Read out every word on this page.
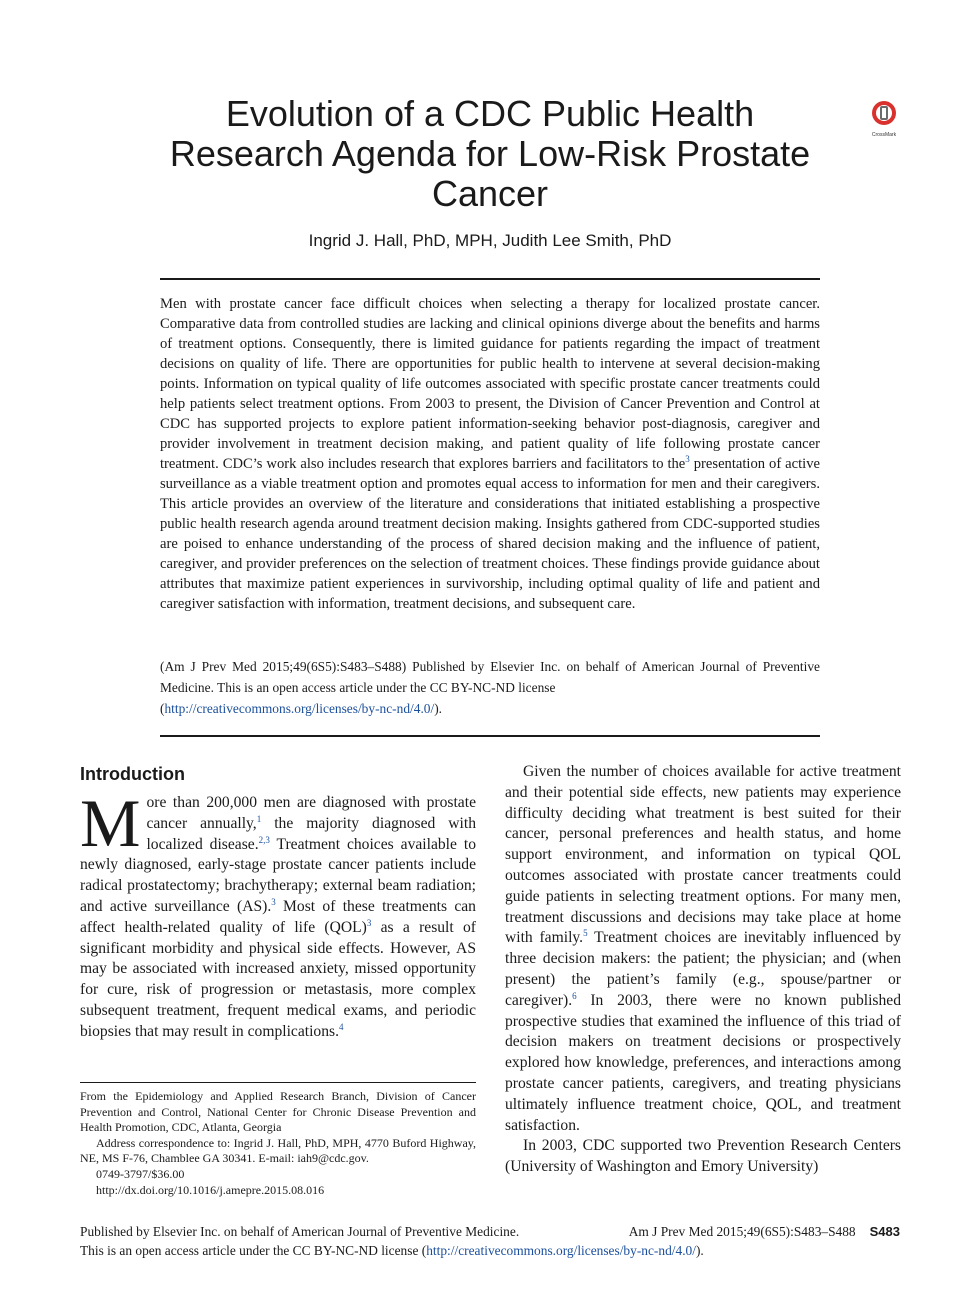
Evolution of a CDC Public Health Research Agenda for Low-Risk Prostate Cancer
CrossMark
Ingrid J. Hall, PhD, MPH, Judith Lee Smith, PhD
Men with prostate cancer face difficult choices when selecting a therapy for localized prostate cancer. Comparative data from controlled studies are lacking and clinical opinions diverge about the benefits and harms of treatment options. Consequently, there is limited guidance for patients regarding the impact of treatment decisions on quality of life. There are opportunities for public health to intervene at several decision-making points. Information on typical quality of life outcomes associated with specific prostate cancer treatments could help patients select treatment options. From 2003 to present, the Division of Cancer Prevention and Control at CDC has supported projects to explore patient information-seeking behavior post-diagnosis, caregiver and provider involvement in treatment decision making, and patient quality of life following prostate cancer treatment. CDC’s work also includes research that explores barriers and facilitators to the$^3$ presentation of active surveillance as a viable treatment option and promotes equal access to information for men and their caregivers. This article provides an overview of the literature and considerations that initiated establishing a prospective public health research agenda around treatment decision making. Insights gathered from CDC-supported studies are poised to enhance understanding of the process of shared decision making and the influence of patient, caregiver, and provider preferences on the selection of treatment choices. These findings provide guidance about attributes that maximize patient experiences in survivorship, including optimal quality of life and patient and caregiver satisfaction with information, treatment decisions, and subsequent care.
(Am J Prev Med 2015;49(6S5):S483–S488) Published by Elsevier Inc. on behalf of American Journal of Preventive Medicine. This is an open access article under the CC BY-NC-ND license
(http://creativecommons.org/licenses/by-nc-nd/4.0/).
Introduction

More than 200,000 men are diagnosed with prostate cancer annually,$^1$ the majority diagnosed with localized disease.$^{2,3}$ Treatment choices available to newly diagnosed, early-stage prostate cancer patients include radical prostatectomy; brachytherapy; external beam radiation; and active surveillance (AS).$^3$ Most of these treatments can affect health-related quality of life (QOL)$^3$ as a result of significant morbidity and physical side effects. However, AS may be associated with increased anxiety, missed opportunity for cure, risk of progression or metastasis, more complex subsequent treatment, frequent medical exams, and periodic biopsies that may result in complications.$^4$

From the Epidemiology and Applied Research Branch, Division of Cancer Prevention and Control, National Center for Chronic Disease Prevention and Health Promotion, CDC, Atlanta, Georgia

Address correspondence to: Ingrid J. Hall, PhD, MPH, 4770 Buford Highway, NE, MS F-76, Chamblee GA 30341. E-mail: iah9@cdc.gov.

0749-3797/$36.00

http://dx.doi.org/10.1016/j.amepre.2015.08.016

Given the number of choices available for active treatment and their potential side effects, new patients may experience difficulty deciding what treatment is best suited for their cancer, personal preferences and health status, and home support environment, and information on typical QOL outcomes associated with prostate cancer treatments could guide patients in selecting treatment options. For many men, treatment discussions and decisions may take place at home with family.$^5$ Treatment choices are inevitably influenced by three decision makers: the patient; the physician; and (when present) the patient’s family (e.g., spouse/partner or caregiver).$^6$ In 2003, there were no known published prospective studies that examined the influence of this triad of decision makers on treatment decisions or prospectively explored how knowledge, preferences, and interactions among prostate cancer patients, caregivers, and treating physicians ultimately influence treatment choice, QOL, and treatment satisfaction.

In 2003, CDC supported two Prevention Research Centers (University of Washington and Emory University)

Published by Elsevier Inc. on behalf of American Journal of Preventive Medicine.	Am J Prev Med 2015;49(6S5):S483–S488 S483
This is an open access article under the CC BY-NC-ND license (http://creativecommons.org/licenses/by-nc-nd/4.0/).
